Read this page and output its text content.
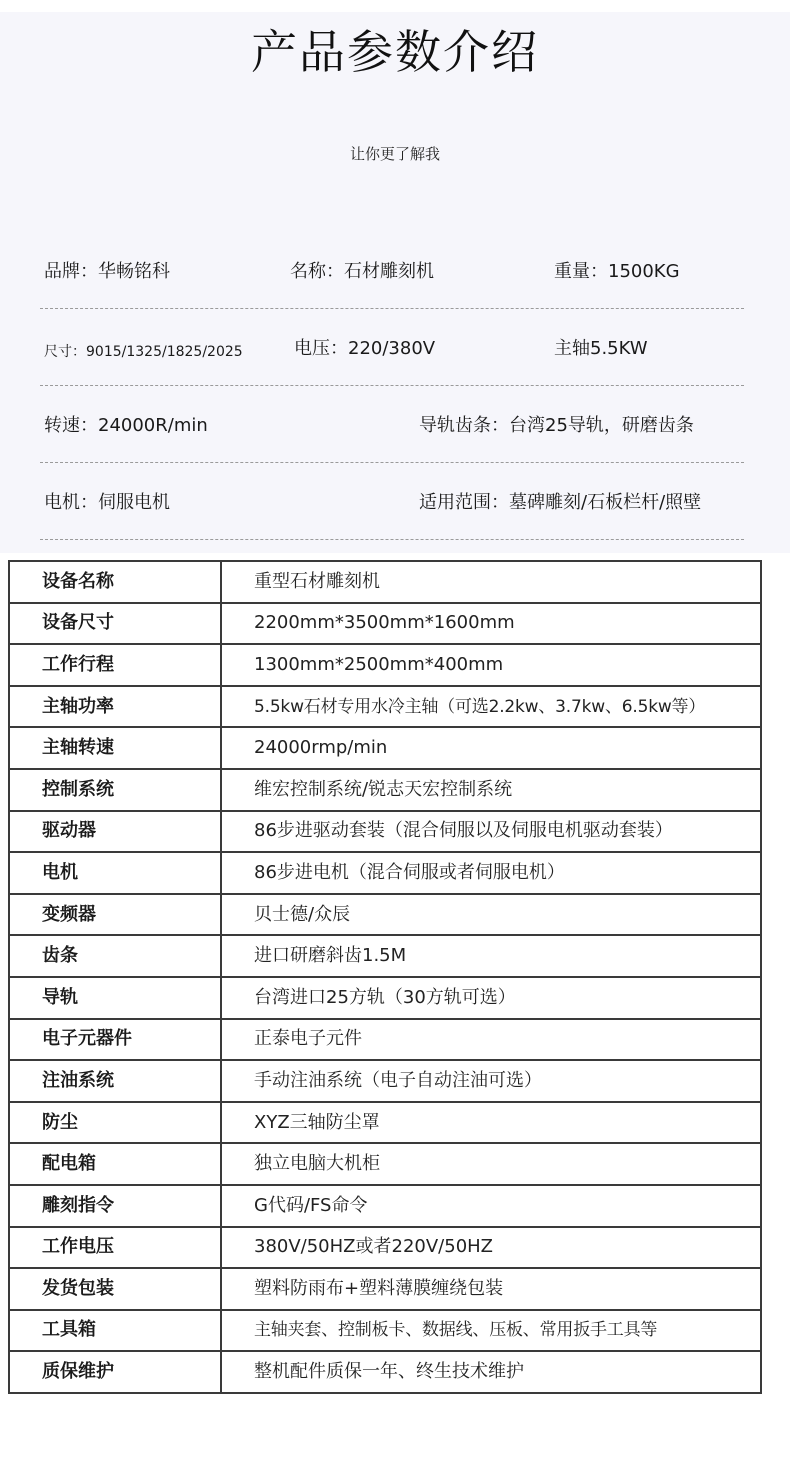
产品参数介绍
让你更了解我
品牌：华畅铭科	名称：石材雕刻机	重量：1500KG
尺寸：9015/1325/1825/2025	电压：220/380V	主轴5.5KW
转速：24000R/min	导轨齿条：台湾25导轨，研磨齿条
电机：伺服电机	适用范围：墓碑雕刻/石板栏杆/照壁
设备名称	重型石材雕刻机
设备尺寸	2200mm*3500mm*1600mm
工作行程	1300mm*2500mm*400mm
主轴功率	5.5kw石材专用水冷主轴（可选2.2kw、3.7kw、6.5kw等）
主轴转速	24000rmp/min
控制系统	维宏控制系统/锐志天宏控制系统
驱动器	86步进驱动套装（混合伺服以及伺服电机驱动套装）
电机	86步进电机（混合伺服或者伺服电机）
变频器	贝士德/众辰
齿条	进口研磨斜齿1.5M
导轨	台湾进口25方轨（30方轨可选）
电子元器件	正泰电子元件
注油系统	手动注油系统（电子自动注油可选）
防尘	XYZ三轴防尘罩
配电箱	独立电脑大机柜
雕刻指令	G代码/FS命令
工作电压	380V/50HZ或者220V/50HZ
发货包装	塑料防雨布+塑料薄膜缠绕包装
工具箱	主轴夹套、控制板卡、数据线、压板、常用扳手工具等
质保维护	整机配件质保一年、终生技术维护
